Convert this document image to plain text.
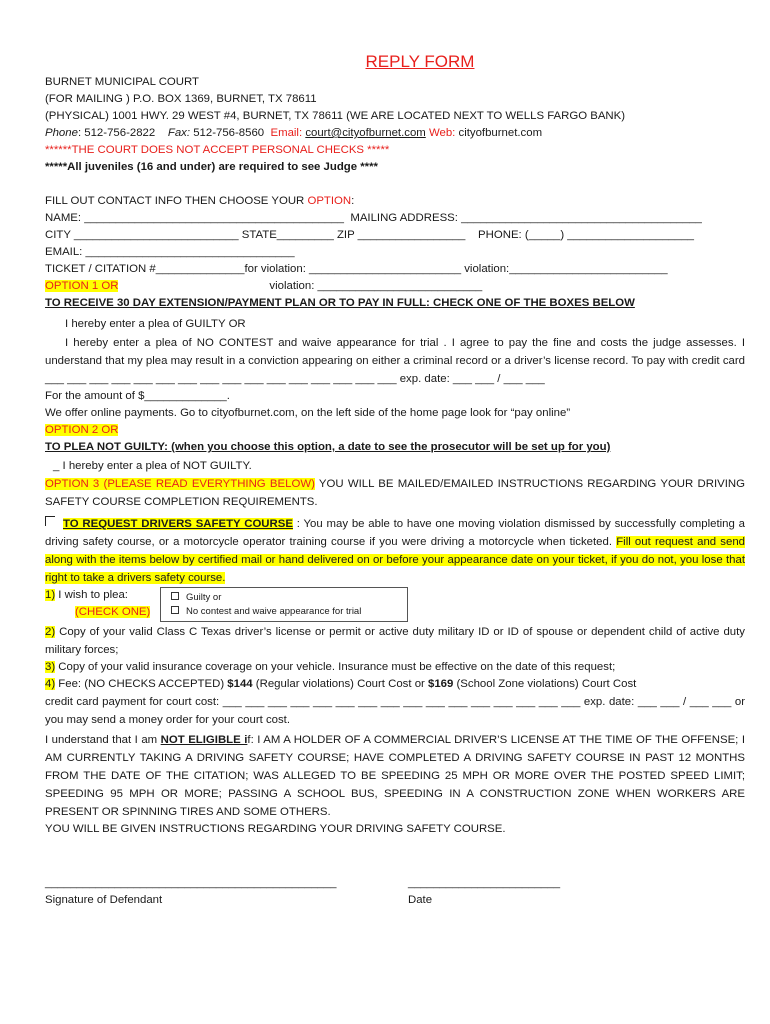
REPLY FORM
BURNET MUNICIPAL COURT
(FOR MAILING ) P.O. BOX 1369, BURNET, TX 78611
(PHYSICAL) 1001 HWY. 29 WEST #4, BURNET, TX 78611 (WE ARE LOCATED NEXT TO WELLS FARGO BANK)
Phone: 512-756-2822 Fax: 512-756-8560 Email: court@cityofburnet.com Web: cityofburnet.com
******THE COURT DOES NOT ACCEPT PERSONAL CHECKS *****
*****All juveniles (16 and under) are required to see Judge ****
FILL OUT CONTACT INFO THEN CHOOSE YOUR OPTION:
NAME: _________________________________________ MAILING ADDRESS: ______________________________________
CITY __________________________ STATE_________ ZIP _________________ PHONE: (_____) ____________________
EMAIL: _________________________________
TICKET / CITATION #______________for violation: ________________________ violation:_________________________
OPTION 1 OR	violation: __________________________
TO RECEIVE 30 DAY EXTENSION/PAYMENT PLAN OR TO PAY IN FULL: CHECK ONE OF THE BOXES BELOW
I hereby enter a plea of GUILTY OR
I hereby enter a plea of NO CONTEST and waive appearance for trial . I agree to pay the fine and costs the judge assesses. I understand that my plea may result in a conviction appearing on either a criminal record or a driver’s license record. To pay with credit card ___ ___ ___ ___ ___ ___ ___ ___ ___ ___ ___ ___ ___ ___ ___ ___ exp. date: ___ ___ / ___ ___
For the amount of $_____________.
We offer online payments. Go to cityofburnet.com, on the left side of the home page look for “pay online”
OPTION 2 OR
TO PLEA NOT GUILTY: (when you choose this option, a date to see the prosecutor will be set up for you)
_ I hereby enter a plea of NOT GUILTY.
OPTION 3 (PLEASE READ EVERYTHING BELOW) YOU WILL BE MAILED/EMAILED INSTRUCTIONS REGARDING YOUR DRIVING SAFETY COURSE COMPLETION REQUIREMENTS.
TO REQUEST DRIVERS SAFETY COURSE : You may be able to have one moving violation dismissed by successfully completing a driving safety course, or a motorcycle operator training course if you were driving a motorcycle when ticketed. Fill out request and send along with the items below by certified mail or hand delivered on or before your appearance date on your ticket, if you do not, you lose that right to take a drivers safety course.
1) I wish to plea:
(CHECK ONE)
Guilty or
No contest and waive appearance for trial
2) Copy of your valid Class C Texas driver’s license or permit or active duty military ID or ID of spouse or dependent child of active duty military forces;
3) Copy of your valid insurance coverage on your vehicle. Insurance must be effective on the date of this request;
4) Fee: (NO CHECKS ACCEPTED) $144 (Regular violations) Court Cost or $169 (School Zone violations) Court Cost
credit card payment for court cost: ___ ___ ___ ___ ___ ___ ___ ___ ___ ___ ___ ___ ___ ___ ___ ___ exp. date: ___ ___ / ___ ___ or you may send a money order for your court cost.
I understand that I am NOT ELIGIBLE if: I AM A HOLDER OF A COMMERCIAL DRIVER’S LICENSE AT THE TIME OF THE OFFENSE; I AM CURRENTLY TAKING A DRIVING SAFETY COURSE; HAVE COMPLETED A DRIVING SAFETY COURSE IN PAST 12 MONTHS FROM THE DATE OF THE CITATION; WAS ALLEGED TO BE SPEEDING 25 MPH OR MORE OVER THE POSTED SPEED LIMIT; SPEEDING 95 MPH OR MORE; PASSING A SCHOOL BUS, SPEEDING IN A CONSTRUCTION ZONE WHEN WORKERS ARE PRESENT OR SPINNING TIRES AND SOME OTHERS.
YOU WILL BE GIVEN INSTRUCTIONS REGARDING YOUR DRIVING SAFETY COURSE.
______________________________________________
Signature of Defendant
________________________
Date
